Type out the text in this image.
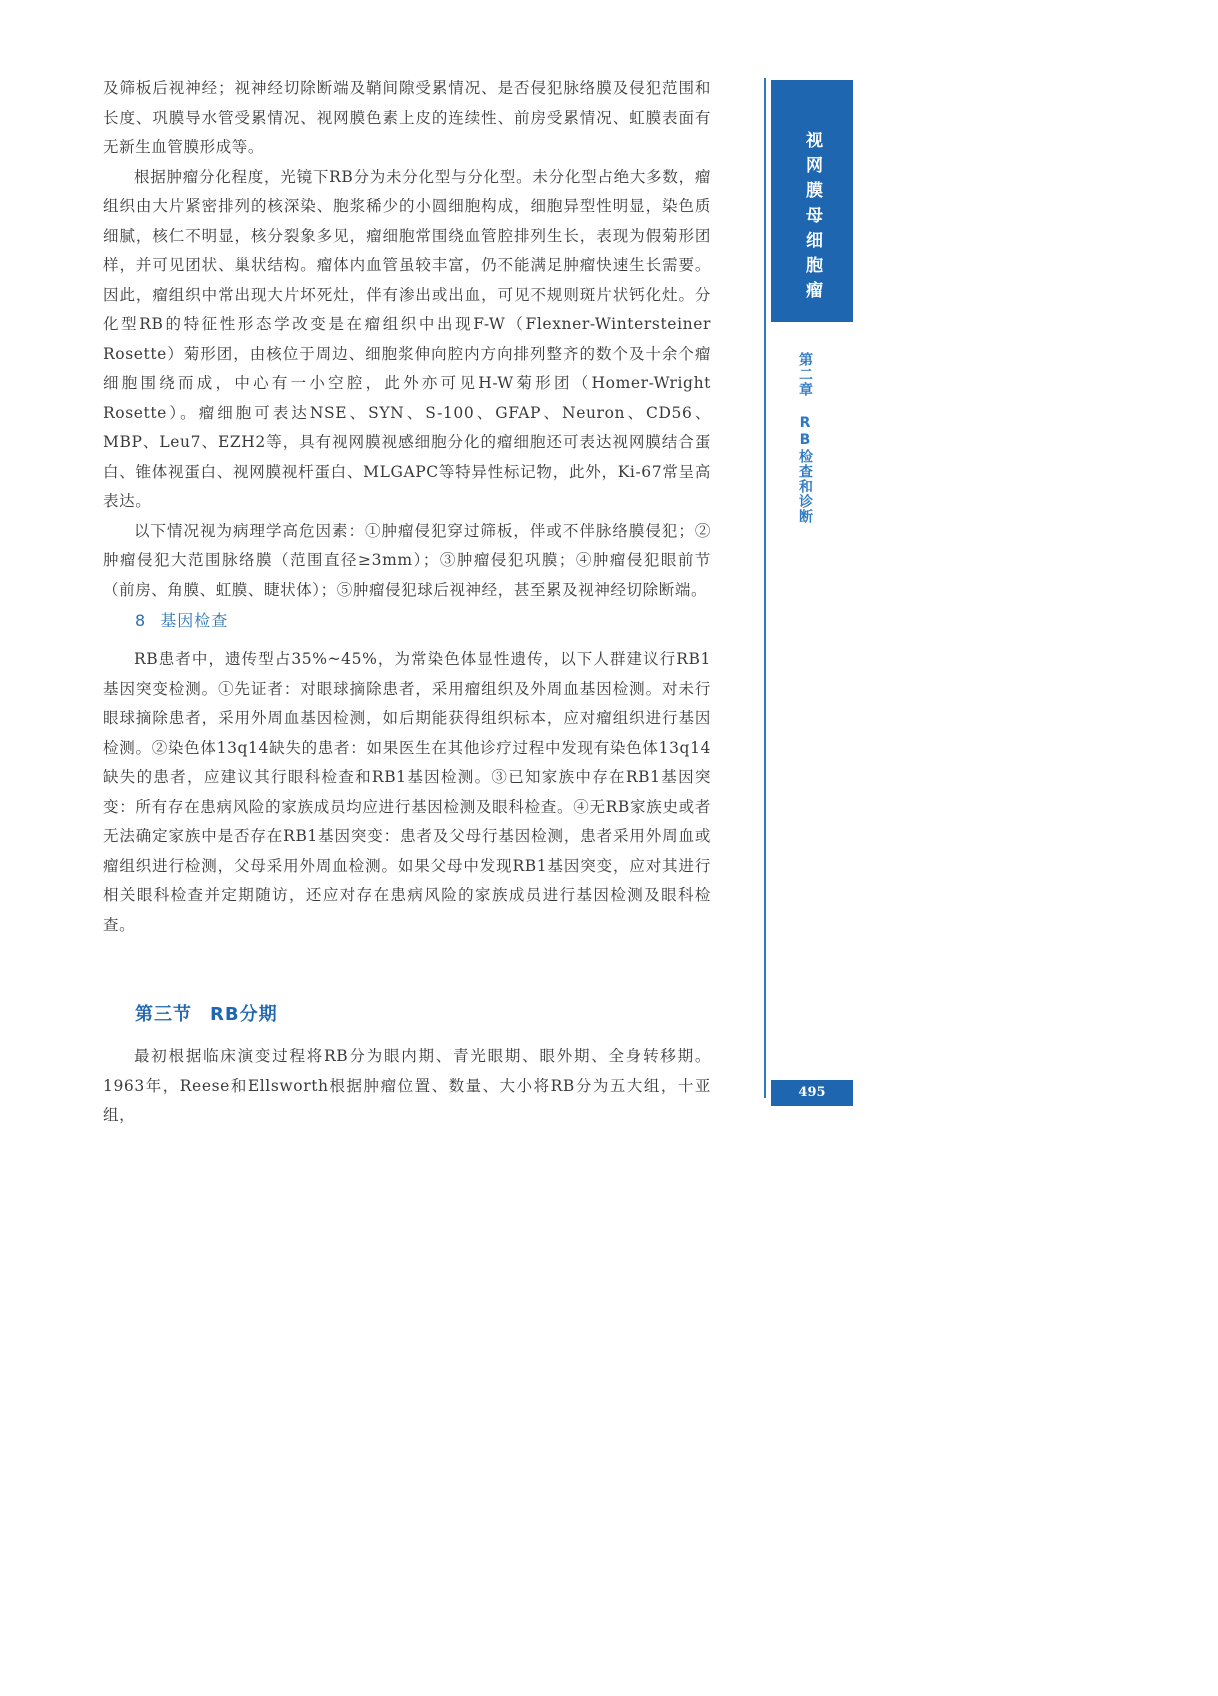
及筛板后视神经；视神经切除断端及鞘间隙受累情况、是否侵犯脉络膜及侵犯范围和长度、巩膜导水管受累情况、视网膜色素上皮的连续性、前房受累情况、虹膜表面有无新生血管膜形成等。

根据肿瘤分化程度，光镜下RB分为未分化型与分化型。未分化型占绝大多数，瘤组织由大片紧密排列的核深染、胞浆稀少的小圆细胞构成，细胞异型性明显，染色质细腻，核仁不明显，核分裂象多见，瘤细胞常围绕血管腔排列生长，表现为假菊形团样，并可见团状、巢状结构。瘤体内血管虽较丰富，仍不能满足肿瘤快速生长需要。因此，瘤组织中常出现大片坏死灶，伴有渗出或出血，可见不规则斑片状钙化灶。分化型RB的特征性形态学改变是在瘤组织中出现F-W（Flexner-Wintersteiner Rosette）菊形团，由核位于周边、细胞浆伸向腔内方向排列整齐的数个及十余个瘤细胞围绕而成，中心有一小空腔，此外亦可见H-W菊形团（Homer-Wright Rosette）。瘤细胞可表达NSE、SYN、S-100、GFAP、Neuron、CD56、MBP、Leu7、EZH2等，具有视网膜视感细胞分化的瘤细胞还可表达视网膜结合蛋白、锥体视蛋白、视网膜视杆蛋白、MLGAPC等特异性标记物，此外，Ki-67常呈高表达。

以下情况视为病理学高危因素：①肿瘤侵犯穿过筛板，伴或不伴脉络膜侵犯；②肿瘤侵犯大范围脉络膜（范围直径≥3mm）；③肿瘤侵犯巩膜；④肿瘤侵犯眼前节（前房、角膜、虹膜、睫状体）；⑤肿瘤侵犯球后视神经，甚至累及视神经切除断端。

8 基因检查

RB患者中，遗传型占35%~45%，为常染色体显性遗传，以下人群建议行RB1基因突变检测。①先证者：对眼球摘除患者，采用瘤组织及外周血基因检测。对未行眼球摘除患者，采用外周血基因检测，如后期能获得组织标本，应对瘤组织进行基因检测。②染色体13q14缺失的患者：如果医生在其他诊疗过程中发现有染色体13q14缺失的患者，应建议其行眼科检查和RB1基因检测。③已知家族中存在RB1基因突变：所有存在患病风险的家族成员均应进行基因检测及眼科检查。④无RB家族史或者无法确定家族中是否存在RB1基因突变：患者及父母行基因检测，患者采用外周血或瘤组织进行检测，父母采用外周血检测。如果父母中发现RB1基因突变，应对其进行相关眼科检查并定期随访，还应对存在患病风险的家族成员进行基因检测及眼科检查。

第三节 RB分期

最初根据临床演变过程将RB分为眼内期、青光眼期、眼外期、全身转移期。1963年，Reese和Ellsworth根据肿瘤位置、数量、大小将RB分为五大组，十亚组，

视网膜母细胞瘤
第二章RB检查和诊断
495
